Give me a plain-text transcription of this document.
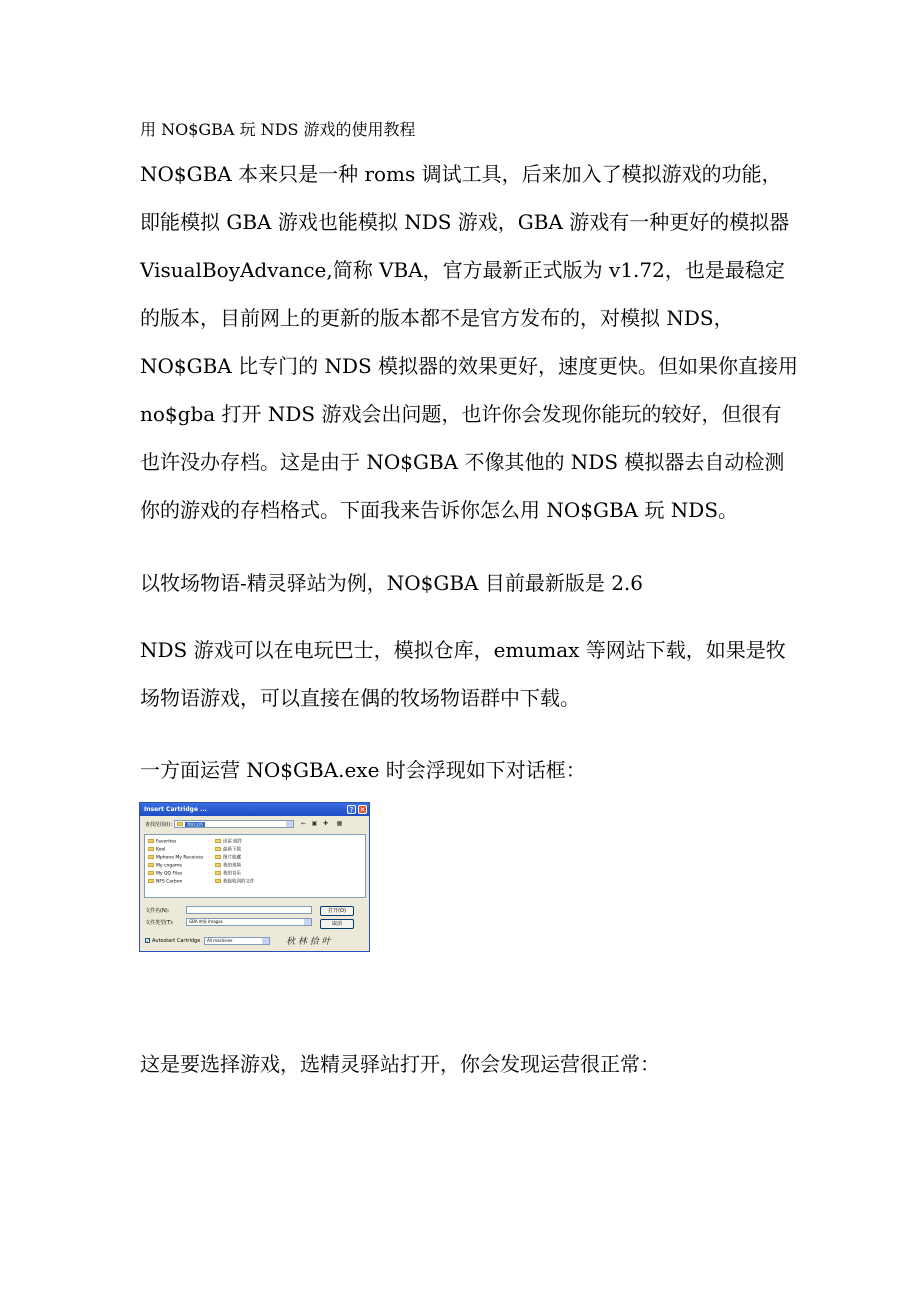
用 NO$GBA 玩 NDS 游戏的使用教程
NO$GBA 本来只是一种 roms 调试工具，后来加入了模拟游戏的功能，
即能模拟 GBA 游戏也能模拟 NDS 游戏，GBA 游戏有一种更好的模拟器
VisualBoyAdvance,简称 VBA，官方最新正式版为 v1.72，也是最稳定
的版本，目前网上的更新的版本都不是官方发布的，对模拟 NDS，
NO$GBA 比专门的 NDS 模拟器的效果更好，速度更快。但如果你直接用
no$gba 打开 NDS 游戏会出问题，也许你会发现你能玩的较好，但很有
也许没办存档。这是由于 NO$GBA 不像其他的 NDS 模拟器去自动检测
你的游戏的存档格式。下面我来告诉你怎么用 NO$GBA 玩 NDS。
以牧场物语-精灵驿站为例，NO$GBA 目前最新版是 2.6
NDS 游戏可以在电玩巴士，模拟仓库，emumax 等网站下载，如果是牧
场物语游戏，可以直接在偶的牧场物语群中下载。
一方面运营 NO$GBA.exe 时会浮现如下对话框：
Insert Cartridge ...	? ✕
查找范围(I):	我的文档	← ▣ ✚ ▦
Favorites
Kool
Mphone My Receives
My cngame
My QQ Files
NFS Carbon
迅雷 邮件
最新下载
图片收藏
我的视频
我的音乐
我接收到的文件
文件名(N):
文件类型(T):	GBA 映象 Images
打开(O)
取消
✓ Autostart Cartridge	All machines	秋 林 拾 叶
这是要选择游戏，选精灵驿站打开，你会发现运营很正常：
